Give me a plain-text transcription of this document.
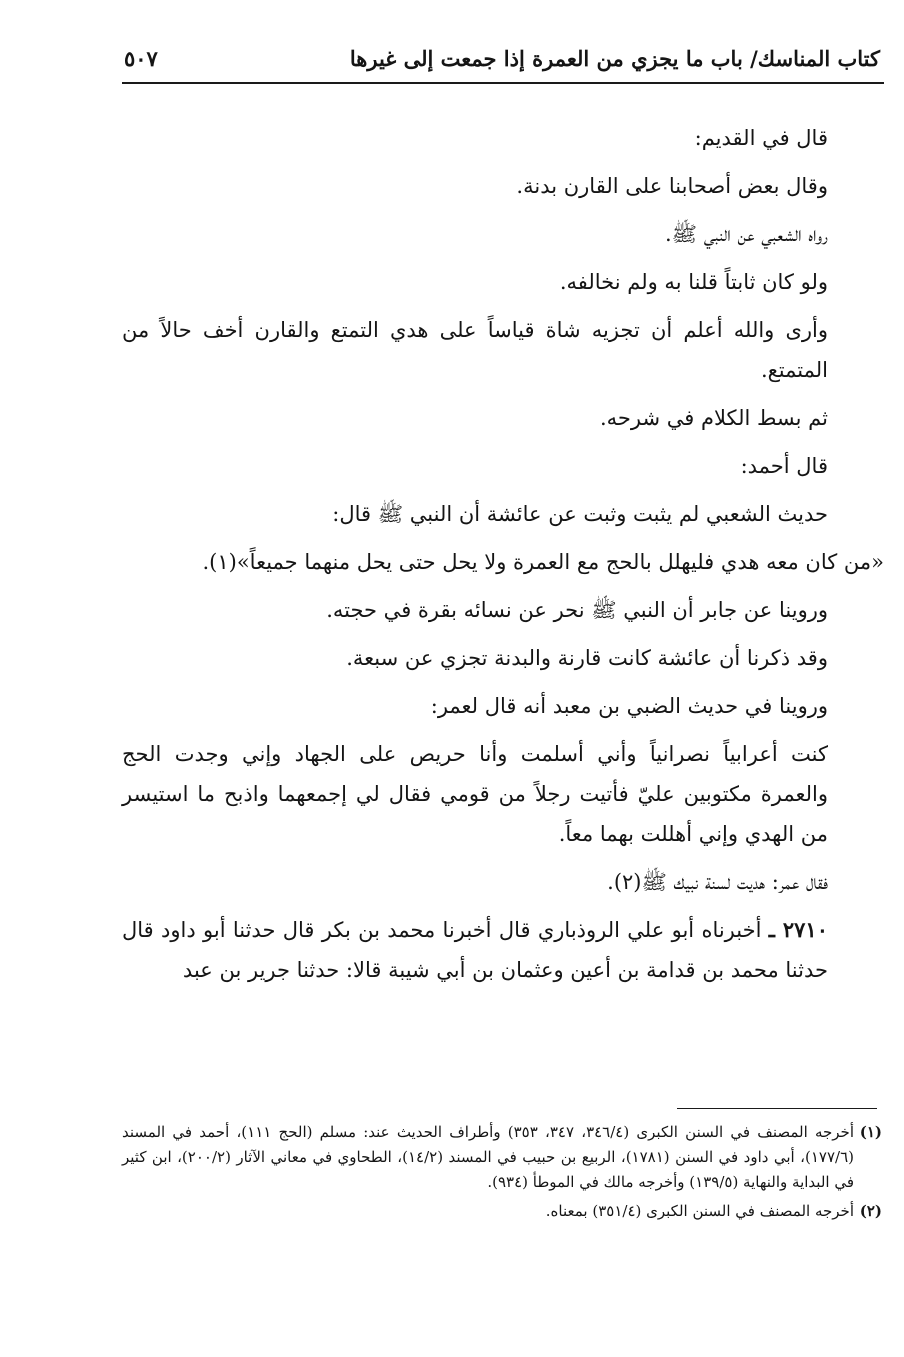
كتاب المناسك/ باب ما يجزي من العمرة إذا جمعت إلى غيرها
٥٠٧

قال في القديم:

وقال بعض أصحابنا على القارن بدنة.

رواه الشعبي عن النبي ﷺ.

ولو كان ثابتاً قلنا به ولم نخالفه.

وأرى والله أعلم أن تجزيه شاة قياساً على هدي التمتع والقارن أخف حالاً من المتمتع.

ثم بسط الكلام في شرحه.

قال أحمد:

حديث الشعبي لم يثبت وثبت عن عائشة أن النبي ﷺ قال:

«من كان معه هدي فليهلل بالحج مع العمرة ولا يحل حتى يحل منهما جميعاً»(١).

وروينا عن جابر أن النبي ﷺ نحر عن نسائه بقرة في حجته.

وقد ذكرنا أن عائشة كانت قارنة والبدنة تجزي عن سبعة.

وروينا في حديث الضبي بن معبد أنه قال لعمر:

كنت أعرابياً نصرانياً وأني أسلمت وأنا حريص على الجهاد وإني وجدت الحج والعمرة مكتوبين عليّ فأتيت رجلاً من قومي فقال لي إجمعهما واذبح ما استيسر من الهدي وإني أهللت بهما معاً.

فقال عمر: هديت لسنة نبيك ﷺ(٢).

٢٧١٠ ـ أخبرناه أبو علي الروذباري قال أخبرنا محمد بن بكر قال حدثنا أبو داود قال حدثنا محمد بن قدامة بن أعين وعثمان بن أبي شيبة قالا: حدثنا جرير بن عبد

(١)
أخرجه المصنف في السنن الكبرى (٣٤٦/٤، ٣٤٧، ٣٥٣) وأطراف الحديث عند: مسلم (الحج ١١١)، أحمد في المسند (١٧٧/٦)، أبي داود في السنن (١٧٨١)، الربيع بن حبيب في المسند (١٤/٢)، الطحاوي في معاني الآثار (٢٠٠/٢)، ابن كثير في البداية والنهاية (١٣٩/٥) وأخرجه مالك في الموطأ (٩٣٤).
(٢)
أخرجه المصنف في السنن الكبرى (٣٥١/٤) بمعناه.
